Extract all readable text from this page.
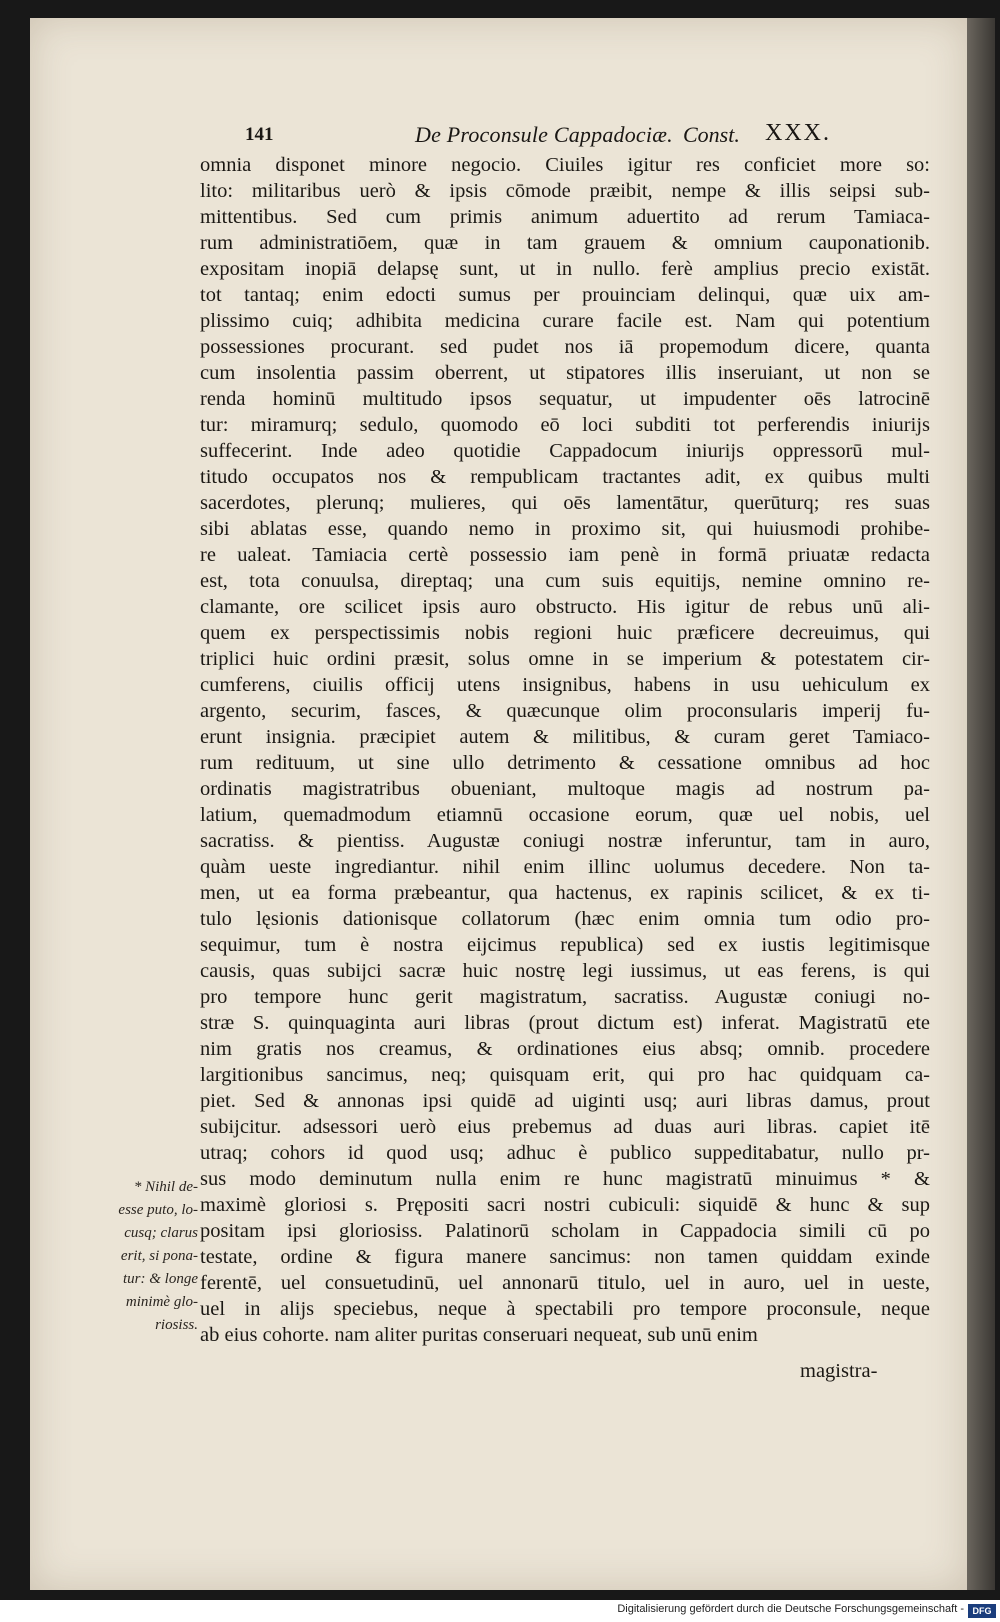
141	De Proconsule Cappadociæ. Const. XXX.
omnia disponet minore negocio. Ciuiles igitur res conficiet more so:
lito: militaribus uerò & ipsis cōmode præibit, nempe & illis seipsi sub-
mittentibus. Sed cum primis animum aduertito ad rerum Tamiaca-
rum administratiōem, quæ in tam grauem & omnium cauponationib.
expositam inopiā delapsę sunt, ut in nullo. ferè amplius precio existāt.
tot tantaq; enim edocti sumus per prouinciam delinqui, quæ uix am-
plissimo cuiq; adhibita medicina curare facile est. Nam qui potentium
possessiones procurant. sed pudet nos iā propemodum dicere, quanta
cum insolentia passim oberrent, ut stipatores illis inseruiant, ut non se
renda hominū multitudo ipsos sequatur, ut impudenter oēs latrocinē
tur: miramurq; sedulo, quomodo eō loci subditi tot perferendis iniurijs
suffecerint. Inde adeo quotidie Cappadocum iniurijs oppressorū mul-
titudo occupatos nos & rempublicam tractantes adit, ex quibus multi
sacerdotes, plerunq; mulieres, qui oēs lamentātur, querūturq; res suas
sibi ablatas esse, quando nemo in proximo sit, qui huiusmodi prohibe-
re ualeat. Tamiacia certè possessio iam penè in formā priuatæ redacta
est, tota conuulsa, direptaq; una cum suis equitijs, nemine omnino re-
clamante, ore scilicet ipsis auro obstructo. His igitur de rebus unū ali-
quem ex perspectissimis nobis regioni huic præficere decreuimus, qui
triplici huic ordini præsit, solus omne in se imperium & potestatem cir-
cumferens, ciuilis officij utens insignibus, habens in usu uehiculum ex
argento, securim, fasces, & quæcunque olim proconsularis imperij fu-
erunt insignia. præcipiet autem & militibus, & curam geret Tamiaco-
rum redituum, ut sine ullo detrimento & cessatione omnibus ad hoc
ordinatis magistratribus obueniant, multoque magis ad nostrum pa-
latium, quemadmodum etiamnū occasione eorum, quæ uel nobis, uel
sacratiss. & pientiss. Augustæ coniugi nostræ inferuntur, tam in auro,
quàm ueste ingrediantur. nihil enim illinc uolumus decedere. Non ta-
men, ut ea forma præbeantur, qua hactenus, ex rapinis scilicet, & ex ti-
tulo lęsionis dationisque collatorum (hæc enim omnia tum odio pro-
sequimur, tum è nostra eijcimus republica) sed ex iustis legitimisque
causis, quas subijci sacræ huic nostrę legi iussimus, ut eas ferens, is qui
pro tempore hunc gerit magistratum, sacratiss. Augustæ coniugi no-
stræ S. quinquaginta auri libras (prout dictum est) inferat. Magistratū ete
nim gratis nos creamus, & ordinationes eius absq; omnib. procedere
largitionibus sancimus, neq; quisquam erit, qui pro hac quidquam ca-
piet. Sed & annonas ipsi quidē ad uiginti usq; auri libras damus, prout
subijcitur. adsessori uerò eius prebemus ad duas auri libras. capiet itē
utraq; cohors id quod usq; adhuc è publico suppeditabatur, nullo pr-
sus modo deminutum nulla enim re hunc magistratū minuimus * &
maximè gloriosi s. Prępositi sacri nostri cubiculi: siquidē & hunc & sup
positam ipsi gloriosiss. Palatinorū scholam in Cappadocia simili cū po
testate, ordine & figura manere sancimus: non tamen quiddam exinde
ferentē, uel consuetudinū, uel annonarū titulo, uel in auro, uel in ueste,
uel in alijs speciebus, neque à spectabili pro tempore proconsule, neque
ab eius cohorte. nam aliter puritas conseruari nequeat, sub unū enim
magistra-
* Nihil de-
esse puto, lo-
cusq; clarus
erit, si pona-
tur: & longe
minimè glo-
riosiss.
Digitalisierung gefördert durch die Deutsche Forschungsgemeinschaft - DFG
